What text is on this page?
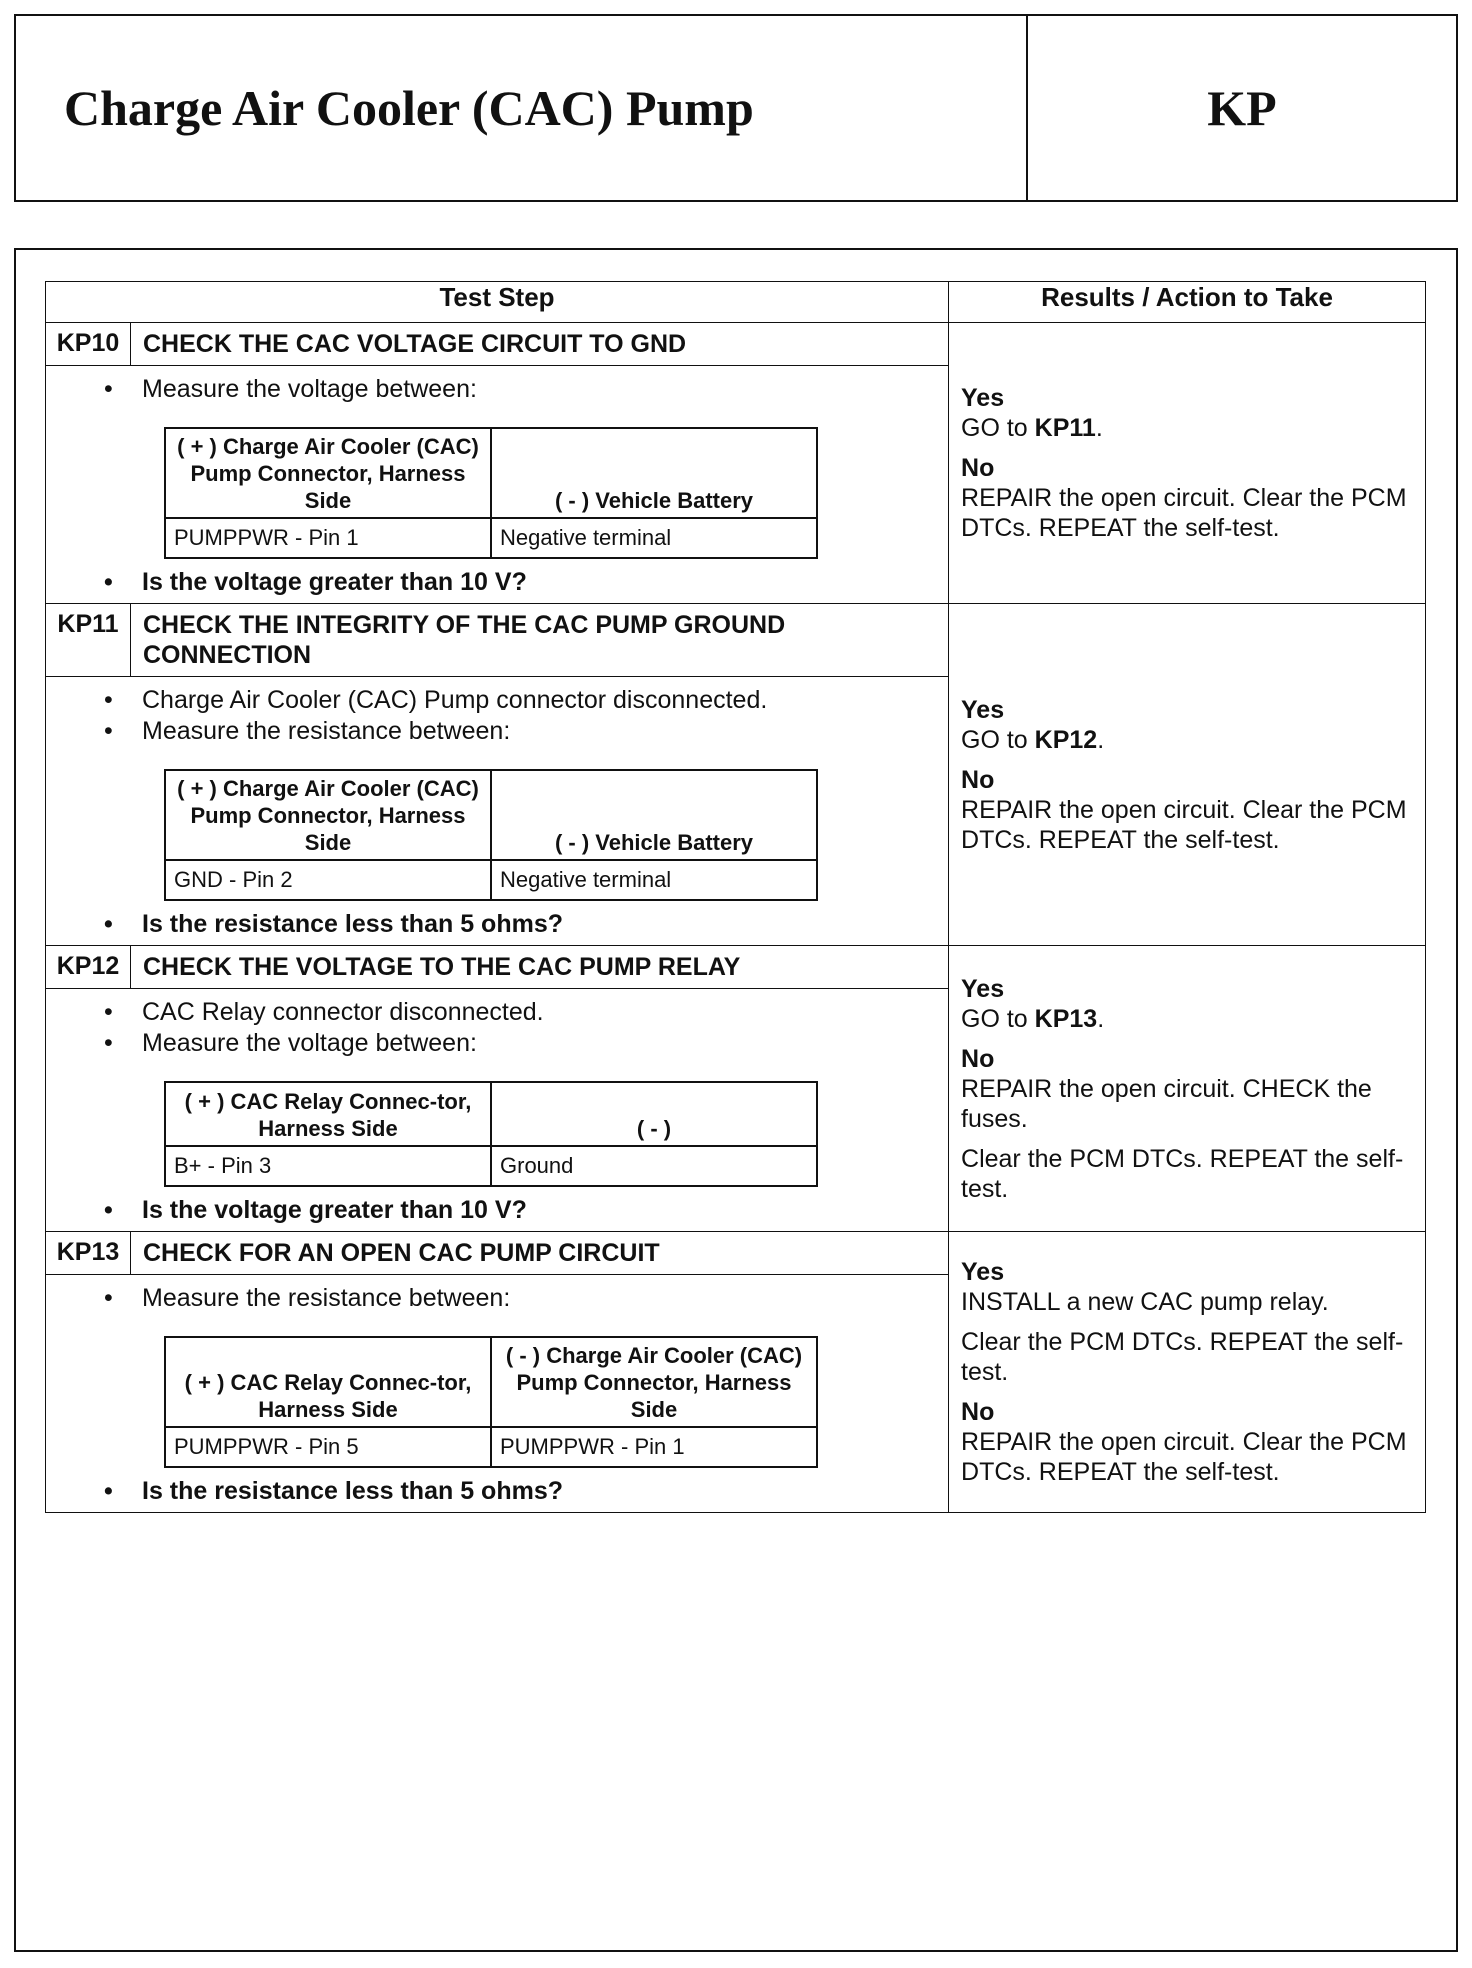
Charge Air Cooler (CAC) Pump	KP
Test Step	Results / Action to Take
KP10	CHECK THE CAC VOLTAGE CIRCUIT TO GND	
Yes
GO to KP11.
No
REPAIR the open circuit. Clear the PCM DTCs. REPEAT the self-test.

• Measure the voltage between:
( + ) Charge Air Cooler (CAC) Pump Connector, Harness Side	( - ) Vehicle Battery
PUMPPWR - Pin 1	Negative terminal
• Is the voltage greater than 10 V?

KP11	CHECK THE INTEGRITY OF THE CAC PUMP GROUND CONNECTION	
Yes
GO to KP12.
No
REPAIR the open circuit. Clear the PCM DTCs. REPEAT the self-test.

• Charge Air Cooler (CAC) Pump connector disconnected.
• Measure the resistance between:
( + ) Charge Air Cooler (CAC) Pump Connector, Harness Side	( - ) Vehicle Battery
GND - Pin 2	Negative terminal
• Is the resistance less than 5 ohms?

KP12	CHECK THE VOLTAGE TO THE CAC PUMP RELAY	
Yes
GO to KP13.
No
REPAIR the open circuit. CHECK the fuses.
Clear the PCM DTCs. REPEAT the self-test.

• CAC Relay connector disconnected.
• Measure the voltage between:
( + ) CAC Relay Connec-tor, Harness Side	( - )
B+ - Pin 3	Ground
• Is the voltage greater than 10 V?

KP13	CHECK FOR AN OPEN CAC PUMP CIRCUIT	
Yes
INSTALL a new CAC pump relay.
Clear the PCM DTCs. REPEAT the self-test.
No
REPAIR the open circuit. Clear the PCM DTCs. REPEAT the self-test.

• Measure the resistance between:
( + ) CAC Relay Connec-tor, Harness Side	( - ) Charge Air Cooler (CAC) Pump Connector, Harness Side
PUMPPWR - Pin 5	PUMPPWR - Pin 1
• Is the resistance less than 5 ohms?
